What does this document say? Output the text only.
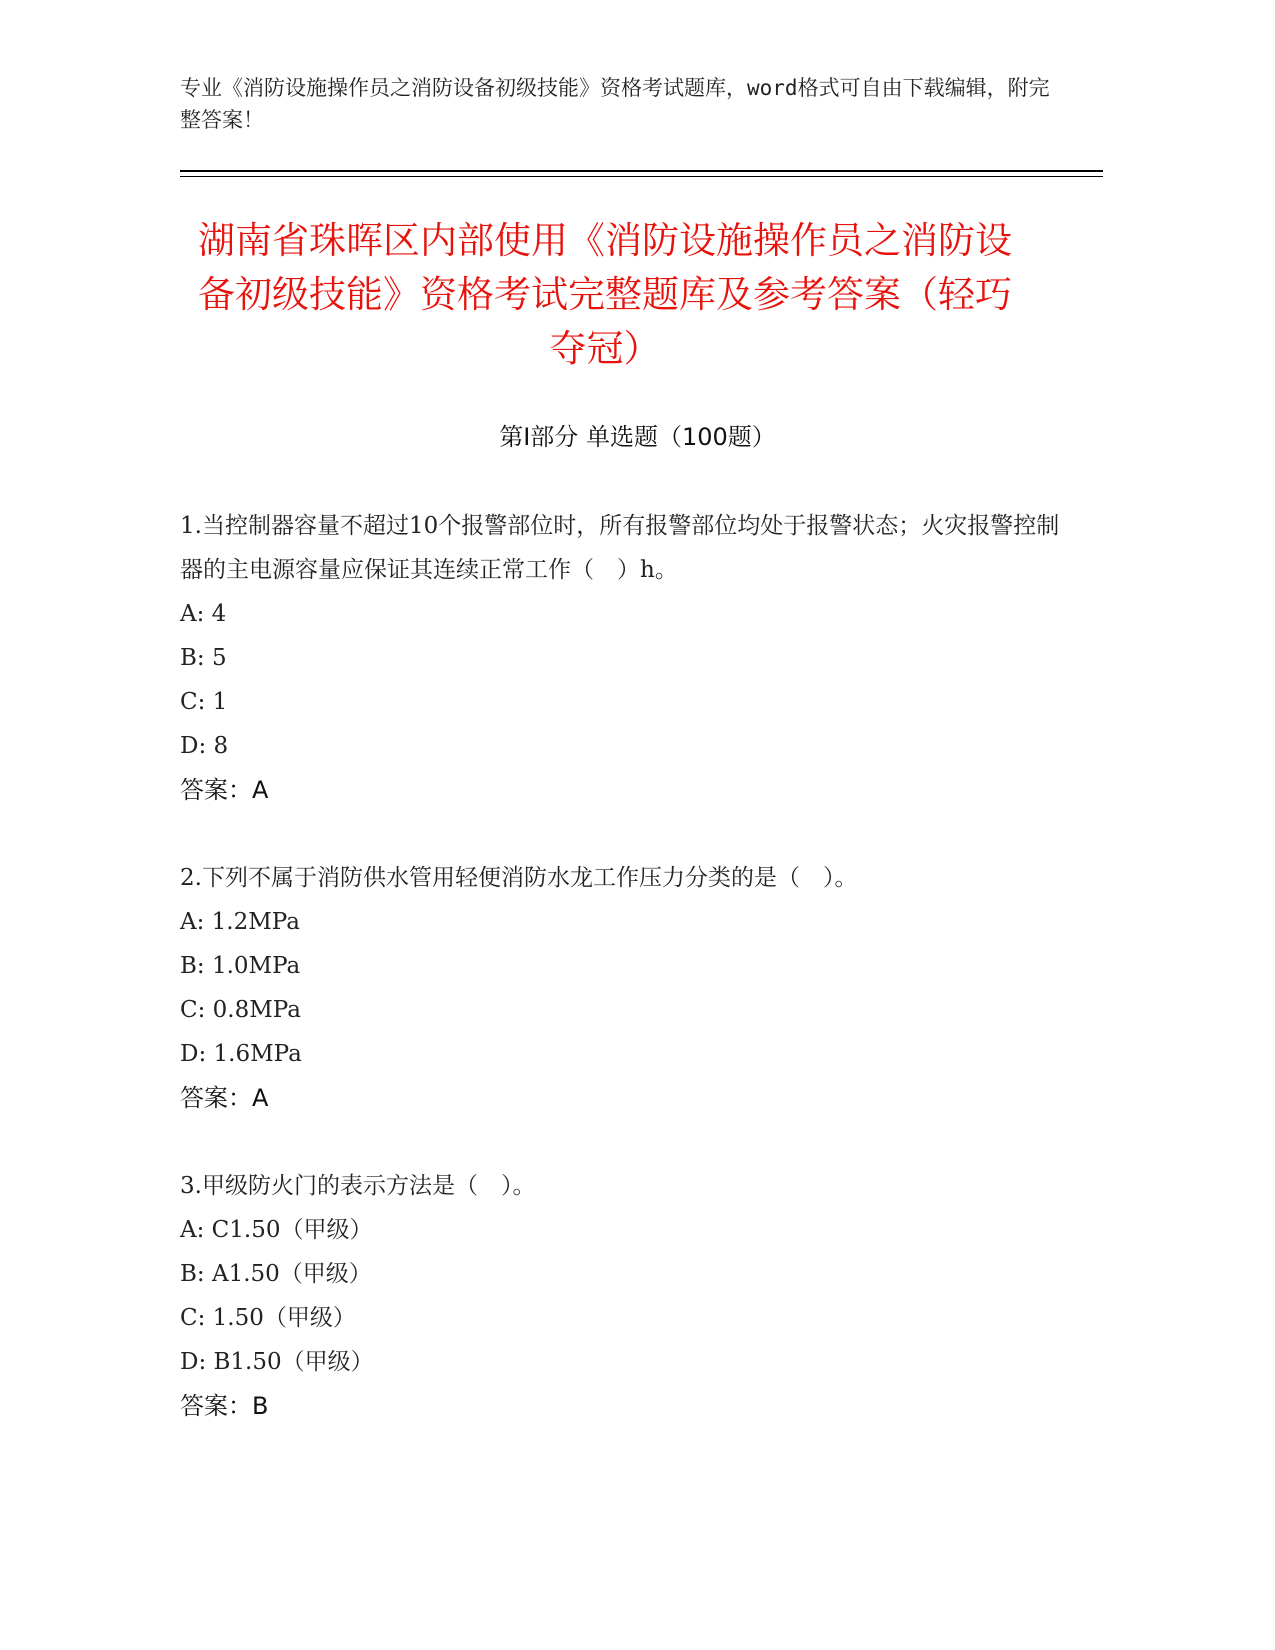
专业《消防设施操作员之消防设备初级技能》资格考试题库，word格式可自由下载编辑，附完整答案！
湖南省珠晖区内部使用《消防设施操作员之消防设备初级技能》资格考试完整题库及参考答案（轻巧夺冠）
第Ⅰ部分 单选题（100题）
1.当控制器容量不超过10个报警部位时，所有报警部位均处于报警状态；火灾报警控制器的主电源容量应保证其连续正常工作（　）h。
A: 4
B: 5
C: 1
D: 8
答案：A
2.下列不属于消防供水管用轻便消防水龙工作压力分类的是（　）。
A: 1.2MPa
B: 1.0MPa
C: 0.8MPa
D: 1.6MPa
答案：A
3.甲级防火门的表示方法是（　）。
A: C1.50（甲级）
B: A1.50（甲级）
C: 1.50（甲级）
D: B1.50（甲级）
答案：B
